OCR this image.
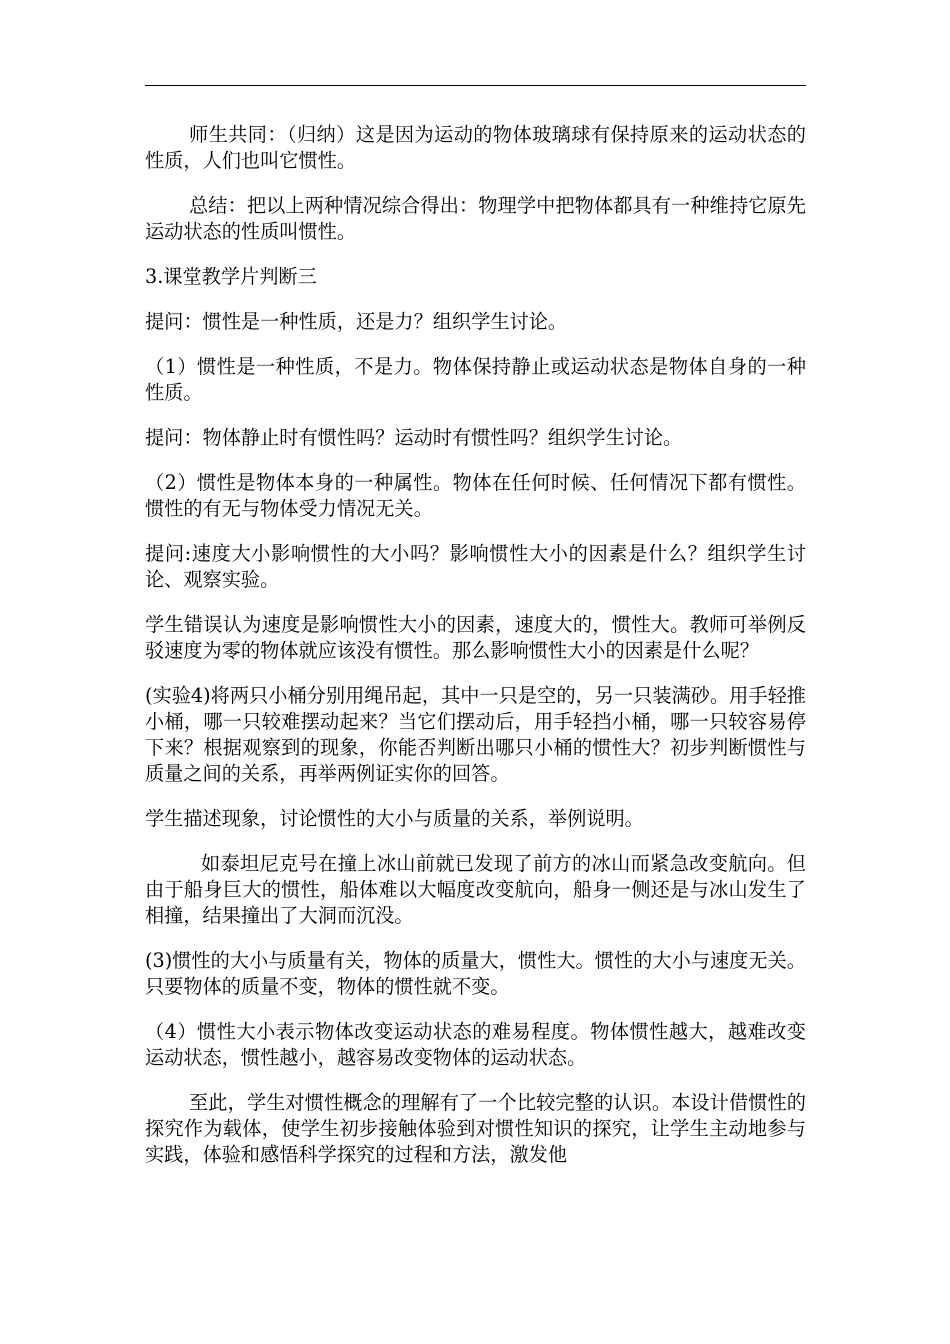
师生共同：（归纳）这是因为运动的物体玻璃球有保持原来的运动状态的性质，人们也叫它惯性。

总结：把以上两种情况综合得出：物理学中把物体都具有一种维持它原先运动状态的性质叫惯性。

3.课堂教学片判断三

提问：惯性是一种性质，还是力？组织学生讨论。

（1）惯性是一种性质，不是力。物体保持静止或运动状态是物体自身的一种性质。

提问：物体静止时有惯性吗？运动时有惯性吗？组织学生讨论。

（2）惯性是物体本身的一种属性。物体在任何时候、任何情况下都有惯性。惯性的有无与物体受力情况无关。

提问:速度大小影响惯性的大小吗？影响惯性大小的因素是什么？组织学生讨论、观察实验。

学生错误认为速度是影响惯性大小的因素，速度大的，惯性大。教师可举例反驳速度为零的物体就应该没有惯性。那么影响惯性大小的因素是什么呢？

(实验4)将两只小桶分别用绳吊起，其中一只是空的，另一只装满砂。用手轻推小桶，哪一只较难摆动起来？当它们摆动后，用手轻挡小桶，哪一只较容易停下来？根据观察到的现象，你能否判断出哪只小桶的惯性大？初步判断惯性与质量之间的关系，再举两例证实你的回答。

学生描述现象，讨论惯性的大小与质量的关系，举例说明。

如泰坦尼克号在撞上冰山前就已发现了前方的冰山而紧急改变航向。但由于船身巨大的惯性，船体难以大幅度改变航向，船身一侧还是与冰山发生了相撞，结果撞出了大洞而沉没。

(3)惯性的大小与质量有关，物体的质量大，惯性大。惯性的大小与速度无关。只要物体的质量不变，物体的惯性就不变。

（4）惯性大小表示物体改变运动状态的难易程度。物体惯性越大，越难改变运动状态，惯性越小，越容易改变物体的运动状态。

至此，学生对惯性概念的理解有了一个比较完整的认识。本设计借惯性的探究作为载体，使学生初步接触体验到对惯性知识的探究，让学生主动地参与实践，体验和感悟科学探究的过程和方法，激发他
